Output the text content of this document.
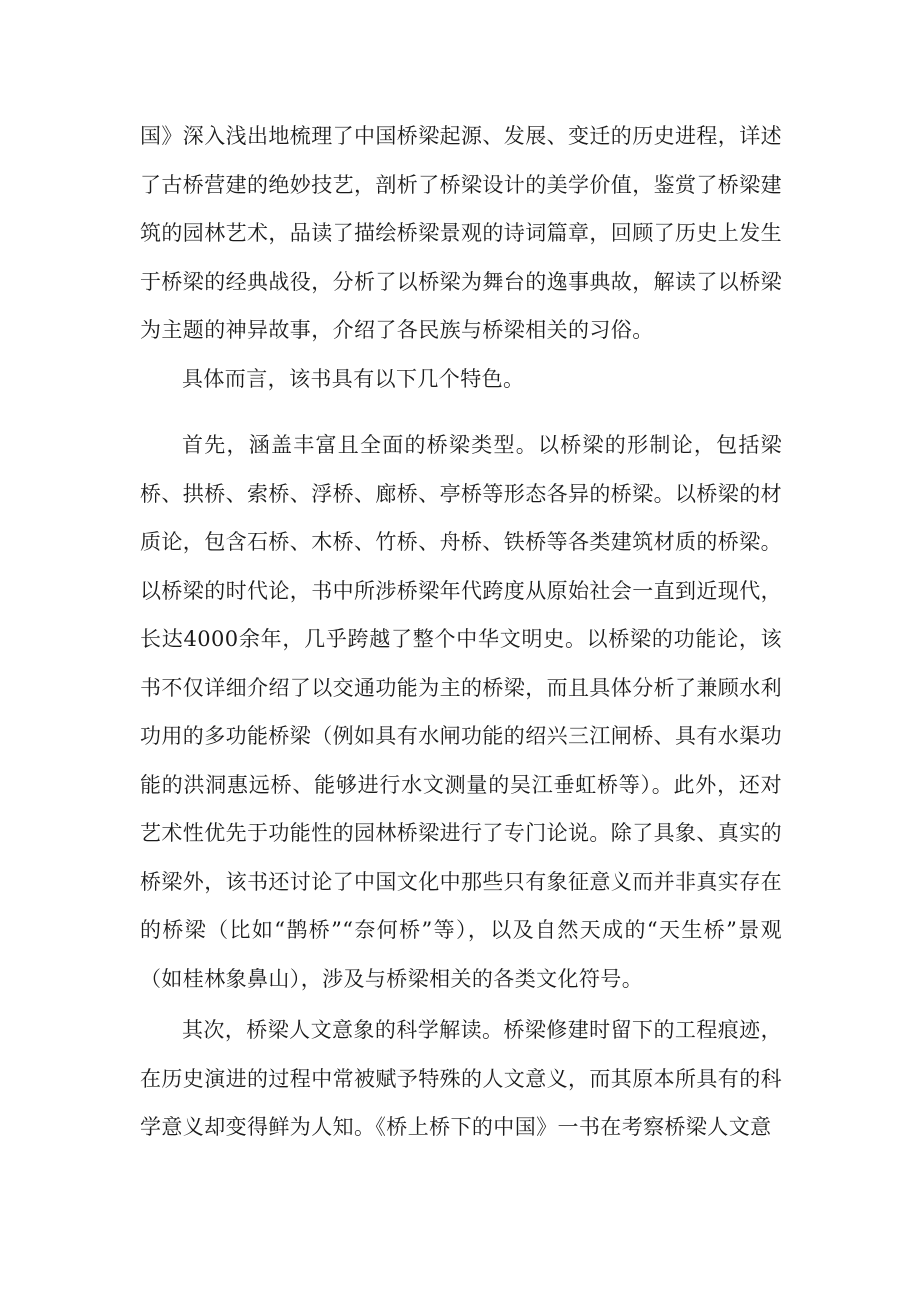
国》深入浅出地梳理了中国桥梁起源、发展、变迁的历史进程，详述了古桥营建的绝妙技艺，剖析了桥梁设计的美学价值，鉴赏了桥梁建筑的园林艺术，品读了描绘桥梁景观的诗词篇章，回顾了历史上发生于桥梁的经典战役，分析了以桥梁为舞台的逸事典故，解读了以桥梁为主题的神异故事，介绍了各民族与桥梁相关的习俗。

具体而言，该书具有以下几个特色。

首先，涵盖丰富且全面的桥梁类型。以桥梁的形制论，包括梁桥、拱桥、索桥、浮桥、廊桥、亭桥等形态各异的桥梁。以桥梁的材质论，包含石桥、木桥、竹桥、舟桥、铁桥等各类建筑材质的桥梁。以桥梁的时代论，书中所涉桥梁年代跨度从原始社会一直到近现代，长达4000余年，几乎跨越了整个中华文明史。以桥梁的功能论，该书不仅详细介绍了以交通功能为主的桥梁，而且具体分析了兼顾水利功用的多功能桥梁（例如具有水闸功能的绍兴三江闸桥、具有水渠功能的洪洞惠远桥、能够进行水文测量的吴江垂虹桥等）。此外，还对艺术性优先于功能性的园林桥梁进行了专门论说。除了具象、真实的桥梁外，该书还讨论了中国文化中那些只有象征意义而并非真实存在的桥梁（比如“鹊桥”“奈何桥”等），以及自然天成的“天生桥”景观（如桂林象鼻山），涉及与桥梁相关的各类文化符号。

其次，桥梁人文意象的科学解读。桥梁修建时留下的工程痕迹，在历史演进的过程中常被赋予特殊的人文意义，而其原本所具有的科学意义却变得鲜为人知。《桥上桥下的中国》一书在考察桥梁人文意
